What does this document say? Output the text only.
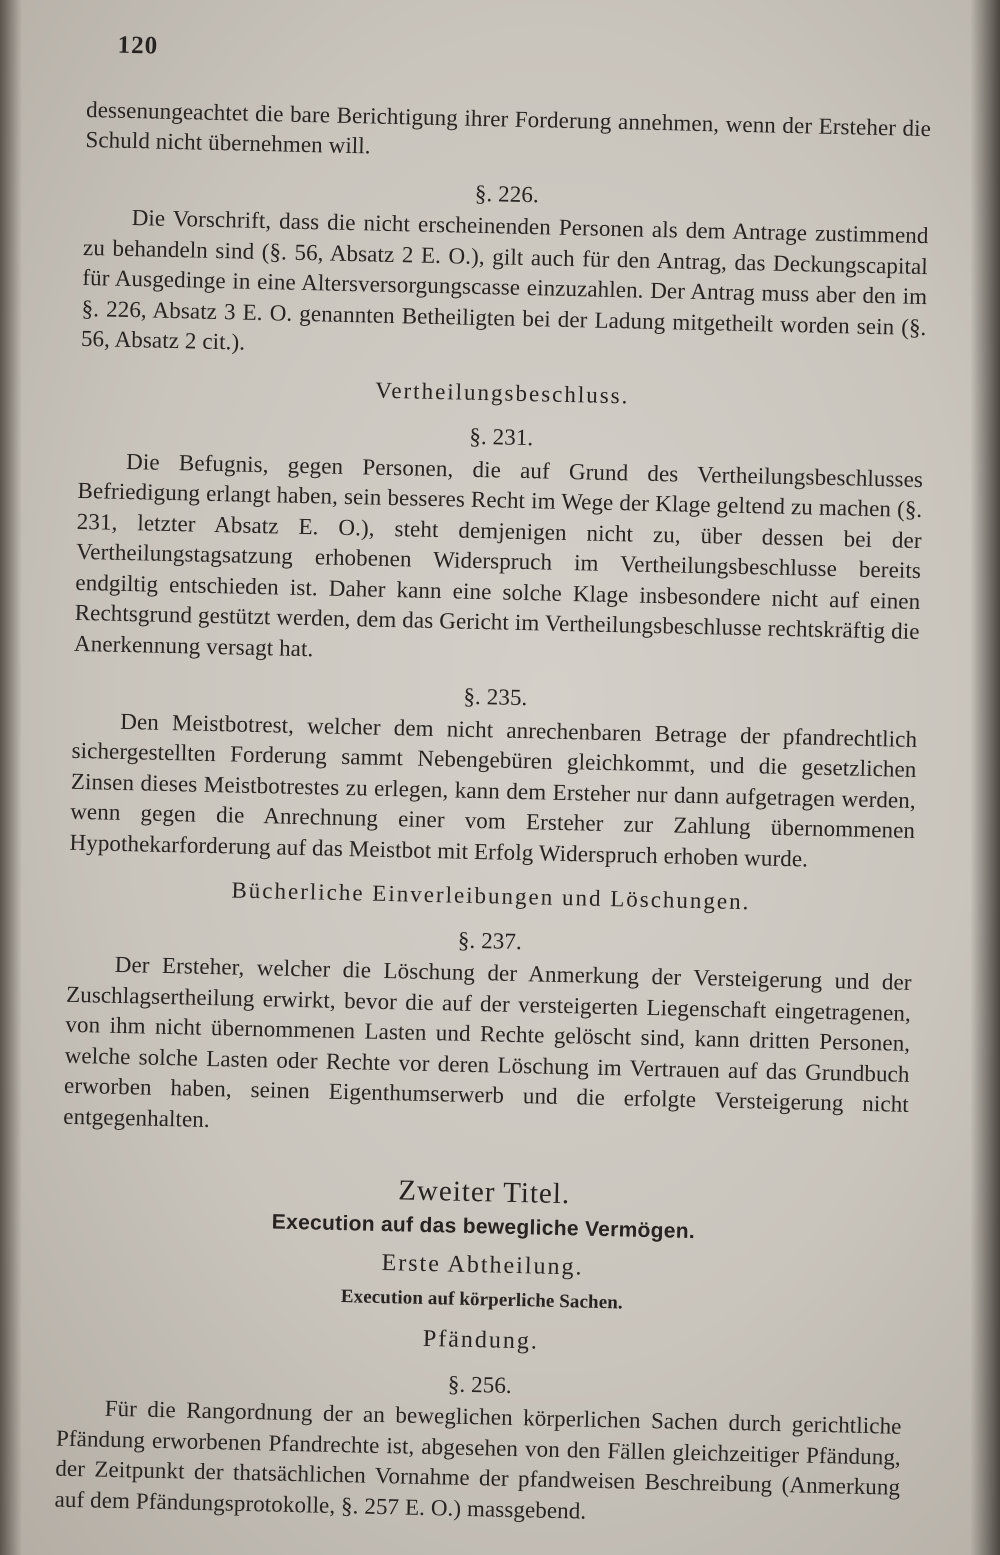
120

dessenungeachtet die bare Berichtigung ihrer Forderung annehmen, wenn der Ersteher die Schuld nicht übernehmen will.

§. 226.

Die Vorschrift, dass die nicht erscheinenden Personen als dem Antrage zustimmend zu behandeln sind (§. 56, Absatz 2 E. O.), gilt auch für den Antrag, das Deckungscapital für Ausgedinge in eine Altersversorgungscasse einzuzahlen. Der Antrag muss aber den im §. 226, Absatz 3 E. O. genannten Betheiligten bei der Ladung mitgetheilt worden sein (§. 56, Absatz 2 cit.).

Vertheilungsbeschluss.
§. 231.

Die Befugnis, gegen Personen, die auf Grund des Vertheilungsbeschlusses Befriedigung erlangt haben, sein besseres Recht im Wege der Klage geltend zu machen (§. 231, letzter Absatz E. O.), steht demjenigen nicht zu, über dessen bei der Vertheilungstagsatzung erhobenen Widerspruch im Vertheilungsbeschlusse bereits endgiltig entschieden ist. Daher kann eine solche Klage insbesondere nicht auf einen Rechtsgrund gestützt werden, dem das Gericht im Vertheilungsbeschlusse rechtskräftig die Anerkennung versagt hat.

§. 235.

Den Meistbotrest, welcher dem nicht anrechenbaren Betrage der pfandrechtlich sichergestellten Forderung sammt Nebengebüren gleichkommt, und die gesetzlichen Zinsen dieses Meistbotrestes zu erlegen, kann dem Ersteher nur dann aufgetragen werden, wenn gegen die Anrechnung einer vom Ersteher zur Zahlung übernommenen Hypothekarforderung auf das Meistbot mit Erfolg Widerspruch erhoben wurde.

Bücherliche Einverleibungen und Löschungen.
§. 237.

Der Ersteher, welcher die Löschung der Anmerkung der Versteigerung und der Zuschlagsertheilung erwirkt, bevor die auf der versteigerten Liegenschaft eingetragenen, von ihm nicht übernommenen Lasten und Rechte gelöscht sind, kann dritten Personen, welche solche Lasten oder Rechte vor deren Löschung im Vertrauen auf das Grundbuch erworben haben, seinen Eigenthumserwerb und die erfolgte Versteigerung nicht entgegenhalten.

Zweiter Titel.
Execution auf das bewegliche Vermögen.
Erste Abtheilung.
Execution auf körperliche Sachen.
Pfändung.
§. 256.

Für die Rangordnung der an beweglichen körperlichen Sachen durch gerichtliche Pfändung erworbenen Pfandrechte ist, abgesehen von den Fällen gleichzeitiger Pfändung, der Zeitpunkt der thatsächlichen Vornahme der pfandweisen Beschreibung (Anmerkung auf dem Pfändungsprotokolle, §. 257 E. O.) massgebend.
